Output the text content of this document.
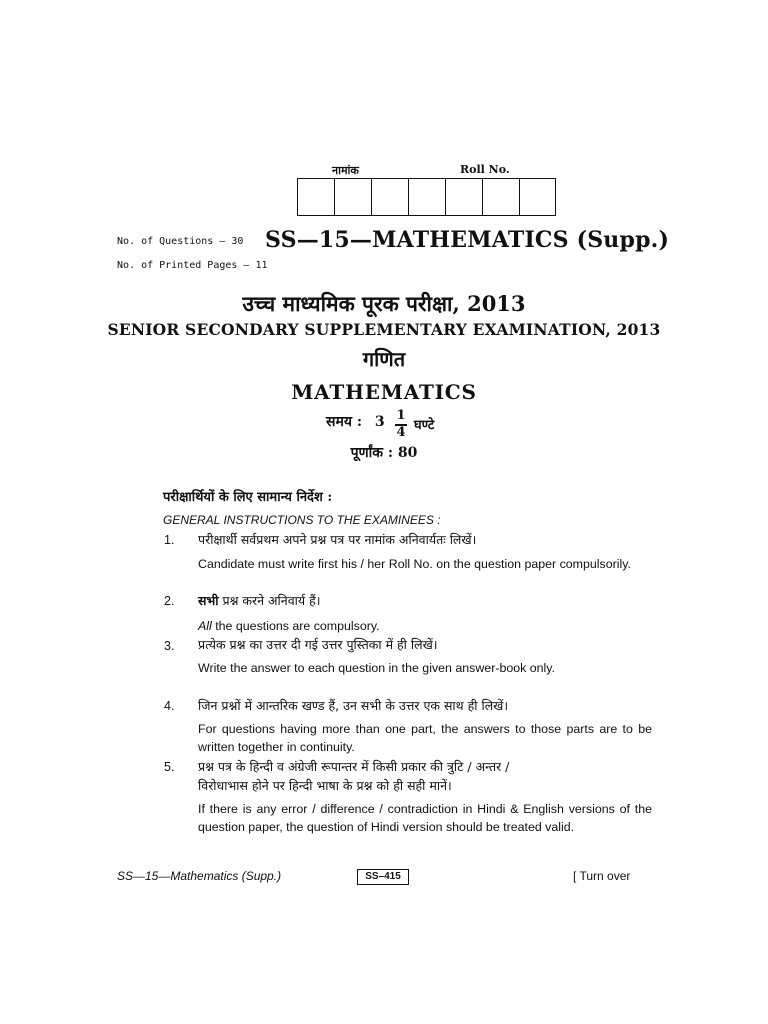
नामांक	Roll No.
No. of Questions — 30 SS—15—MATHEMATICS (Supp.)
No. of Printed Pages — 11
उच्च माध्यमिक पूरक परीक्षा, 2013
SENIOR SECONDARY SUPPLEMENTARY EXAMINATION, 2013
गणित
MATHEMATICS
समय : 3 1
4 घण्टे
पूर्णांक : 80
परीक्षार्थियों के लिए सामान्य निर्देश :
GENERAL INSTRUCTIONS TO THE EXAMINEES :
1. परीक्षार्थी सर्वप्रथम अपने प्रश्न पत्र पर नामांक अनिवार्यतः लिखें।
Candidate must write first his / her Roll No. on the question paper compulsorily.
2. सभी प्रश्न करने अनिवार्य हैं।
All the questions are compulsory.
3. प्रत्येक प्रश्न का उत्तर दी गई उत्तर पुस्तिका में ही लिखें।
Write the answer to each question in the given answer-book only.
4. जिन प्रश्नों में आन्तरिक खण्ड हैं, उन सभी के उत्तर एक साथ ही लिखें।
For questions having more than one part, the answers to those parts are to be written together in continuity.
5. प्रश्न पत्र के हिन्दी व अंग्रेजी रूपान्तर में किसी प्रकार की त्रुटि / अन्तर /
विरोधाभास होने पर हिन्दी भाषा के प्रश्न को ही सही मानें।
If there is any error / difference / contradiction in Hindi & English versions of the question paper, the question of Hindi version should be treated valid.
SS—15—Mathematics (Supp.)	SS–415	[ Turn over
